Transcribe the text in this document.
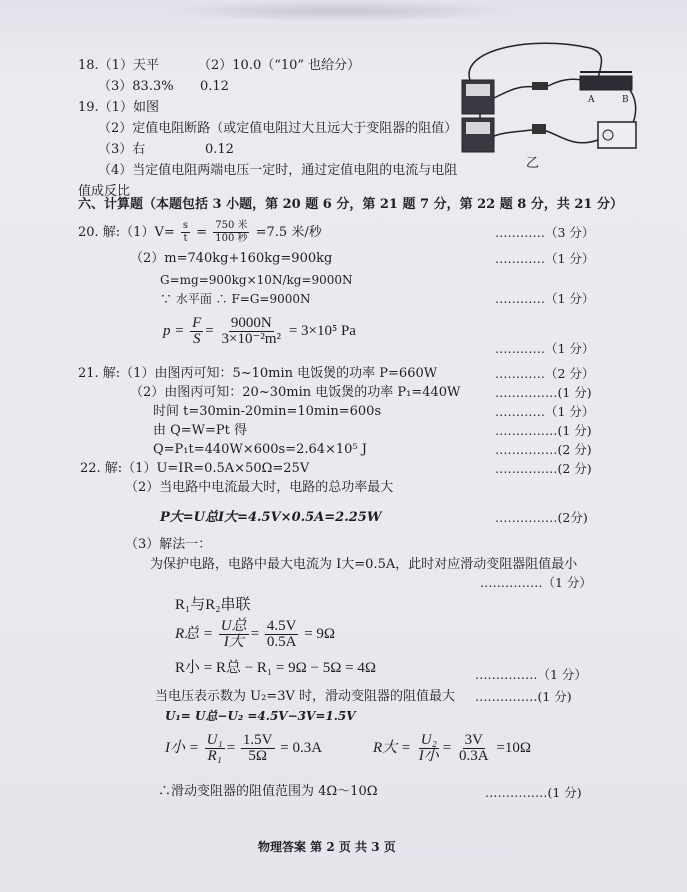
18.（1）天平	（2）10.0（“10” 也给分）
（3）83.3% 0.12
19.（1）如图
（2）定值电阻断路（或定值电阻过大且远大于变阻器的阻值）
（3）右	0.12
（4）当定值电阻两端电压一定时，通过定值电阻的电流与电阻
值成反比
A	B
乙
六、计算题（本题包括 3 小题，第 20 题 6 分，第 21 题 7 分，第 22 题 8 分，共 21 分）
20. 解:（1）V= $\frac{s}{t} = \frac{\text{750 米}}{\text{100 秒}} =7.5$ 米/秒	…………（3 分）
（2）m=740kg+160kg=900kg	…………（1 分）
G=mg=900kg×10N/kg=9000N
∵ 水平面 ∴ F=G=9000N	…………（1 分）
$p = \frac{F}{S} = \frac{9000N}{\text{3×10⁻²m²}} = 3\times 10^5$ Pa
…………（1 分）
21. 解:（1）由图丙可知：5~10min 电饭煲的功率 P=660W	…………（2 分）
（2）由图丙可知：20~30min 电饭煲的功率 P₁=440W	……………(1 分)
时间 t=30min-20min=10min=600s	…………（1 分）
由 Q=W=Pt 得	……………(1 分)
Q=P₁t=440W×600s=2.64×10⁵ J	……………(2 分)
22. 解:（1）U=IR=0.5A×50Ω=25V	……………(2 分)
（2）当电路中电流最大时，电路的总功率最大
P大=U总I大=4.5V×0.5A=2.25W	……………(2分)
（3）解法一：
为保护电路，电路中最大电流为 I大=0.5A，此时对应滑动变阻器阻值最小
……………（1 分）
R₁与R₂串联
R总 = $\frac{\text{U总}}{\text{I大}} = \frac{4.5V}{0.5A} = 9\Omega$
R小 = R总 − R₁ = 9Ω − 5Ω = 4Ω	……………（1 分）
当电压表示数为 U₂=3V 时，滑动变阻器的阻值最大 ……………(1 分)
U₁= U总−U₂ =4.5V−3V=1.5V
I小 = $\frac{\text{U₁}}{\text{R₁}} = \frac{1.5V}{5\Omega} = 0.3A$	R大 = $\frac{\text{U₂}}{\text{I小}} = \frac{3V}{0.3A} =10\Omega$
∴滑动变阻器的阻值范围为 4Ω～10Ω	……………(1 分)
物理答案 第 2 页 共 3 页
